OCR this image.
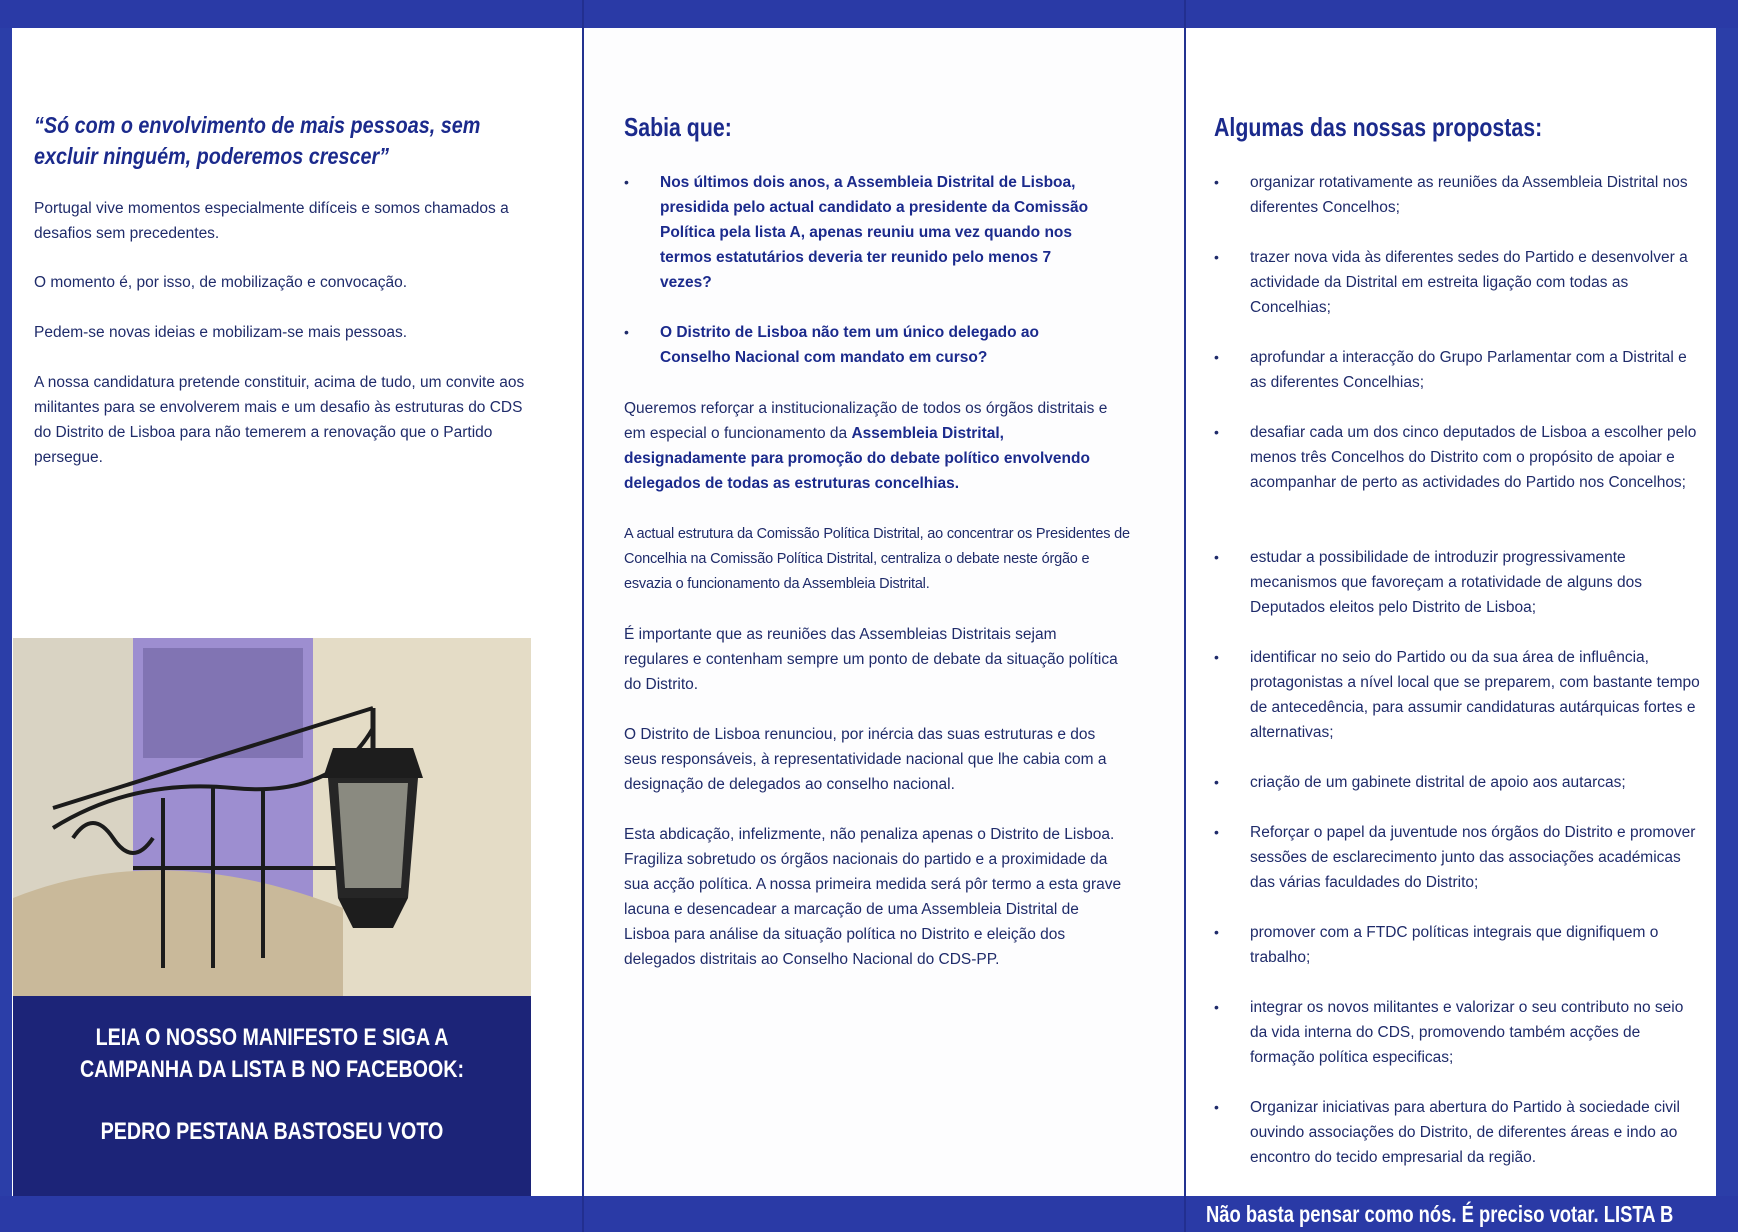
“Só com o envolvimento de mais pessoas, sem excluir ninguém, poderemos crescer”

Portugal vive momentos especialmente difíceis e somos chamados a desafios sem precedentes.

O momento é, por isso, de mobilização e convocação.

Pedem-se novas ideias e mobilizam-se mais pessoas.

A nossa candidatura pretende constituir, acima de tudo, um convite aos militantes para se envolverem mais e um desafio às estruturas do CDS do Distrito de Lisboa para não temerem a renovação que o Partido persegue.

LEIA O NOSSO MANIFESTO E SIGA A
CAMPANHA DA LISTA B NO FACEBOOK:
PEDRO PESTANA BASTOSEU VOTO
Sabia que:
•	Nos últimos dois anos, a Assembleia Distrital de Lisboa, presidida pelo actual candidato a presidente da Comissão Política pela lista A, apenas reuniu uma vez quando nos termos estatutários deveria ter reunido pelo menos 7 vezes?
•	O Distrito de Lisboa não tem um único delegado ao Conselho Nacional com mandato em curso?

Queremos reforçar a institucionalização de todos os órgãos distritais e em especial o funcionamento da Assembleia Distrital, designadamente para promoção do debate político envolvendo delegados de todas as estruturas concelhias.

A actual estrutura da Comissão Política Distrital, ao concentrar os Presidentes de Concelhia na Comissão Política Distrital, centraliza o debate neste órgão e esvazia o funcionamento da Assembleia Distrital.

É importante que as reuniões das Assembleias Distritais sejam regulares e contenham sempre um ponto de debate da situação política do Distrito.

O Distrito de Lisboa renunciou, por inércia das suas estruturas e dos seus responsáveis, à representatividade nacional que lhe cabia com a designação de delegados ao conselho nacional.

Esta abdicação, infelizmente, não penaliza apenas o Distrito de Lisboa. Fragiliza sobretudo os órgãos nacionais do partido e a proximidade da sua acção política. A nossa primeira medida será pôr termo a esta grave lacuna e desencadear a marcação de uma Assembleia Distrital de Lisboa para análise da situação política no Distrito e eleição dos delegados distritais ao Conselho Nacional do CDS-PP.

Algumas das nossas propostas:
•	organizar rotativamente as reuniões da Assembleia Distrital nos diferentes Concelhos;
•	trazer nova vida às diferentes sedes do Partido e desenvolver a actividade da Distrital em estreita ligação com todas as Concelhias;
•	aprofundar a interacção do Grupo Parlamentar com a Distrital e as diferentes Concelhias;
•	desafiar cada um dos cinco deputados de Lisboa a escolher pelo menos três Concelhos do Distrito com o propósito de apoiar e acompanhar de perto as actividades do Partido nos Concelhos;
•	estudar a possibilidade de introduzir progressivamente mecanismos que favoreçam a rotatividade de alguns dos Deputados eleitos pelo Distrito de Lisboa;
•	identificar no seio do Partido ou da sua área de influência, protagonistas a nível local que se preparem, com bastante tempo de antecedência, para assumir candidaturas autárquicas fortes e alternativas;
•	criação de um gabinete distrital de apoio aos autarcas;
•	Reforçar o papel da juventude nos órgãos do Distrito e promover sessões de esclarecimento junto das associações académicas das várias faculdades do Distrito;
•	promover com a FTDC políticas integrais que dignifiquem o trabalho;
•	integrar os novos militantes e valorizar o seu contributo no seio da vida interna do CDS, promovendo também acções de formação política especificas;
•	Organizar iniciativas para abertura do Partido à sociedade civil ouvindo associações do Distrito, de diferentes áreas e indo ao encontro do tecido empresarial da região.
Não basta pensar como nós. É preciso votar. LISTA B
